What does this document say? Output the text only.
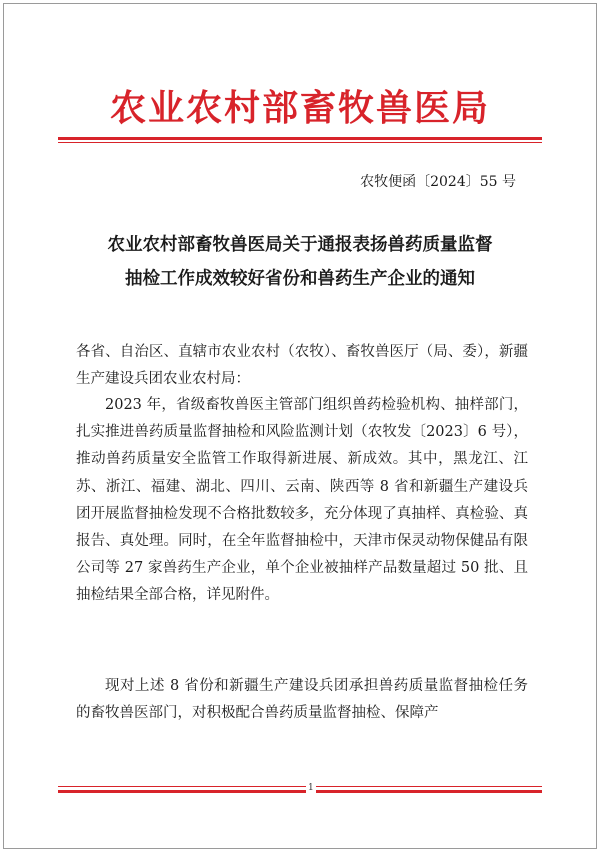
农业农村部畜牧兽医局
农牧便函〔2024〕55 号
农业农村部畜牧兽医局关于通报表扬兽药质量监督
抽检工作成效较好省份和兽药生产企业的通知
各省、自治区、直辖市农业农村（农牧）、畜牧兽医厅（局、委），新疆生产建设兵团农业农村局：
2023 年，省级畜牧兽医主管部门组织兽药检验机构、抽样部门，扎实推进兽药质量监督抽检和风险监测计划（农牧发〔2023〕6 号），推动兽药质量安全监管工作取得新进展、新成效。其中，黑龙江、江苏、浙江、福建、湖北、四川、云南、陕西等 8 省和新疆生产建设兵团开展监督抽检发现不合格批数较多，充分体现了真抽样、真检验、真报告、真处理。同时，在全年监督抽检中，天津市保灵动物保健品有限公司等 27 家兽药生产企业，单个企业被抽样产品数量超过 50 批、且抽检结果全部合格，详见附件。
现对上述 8 省份和新疆生产建设兵团承担兽药质量监督抽检任务的畜牧兽医部门，对积极配合兽药质量监督抽检、保障产
1
